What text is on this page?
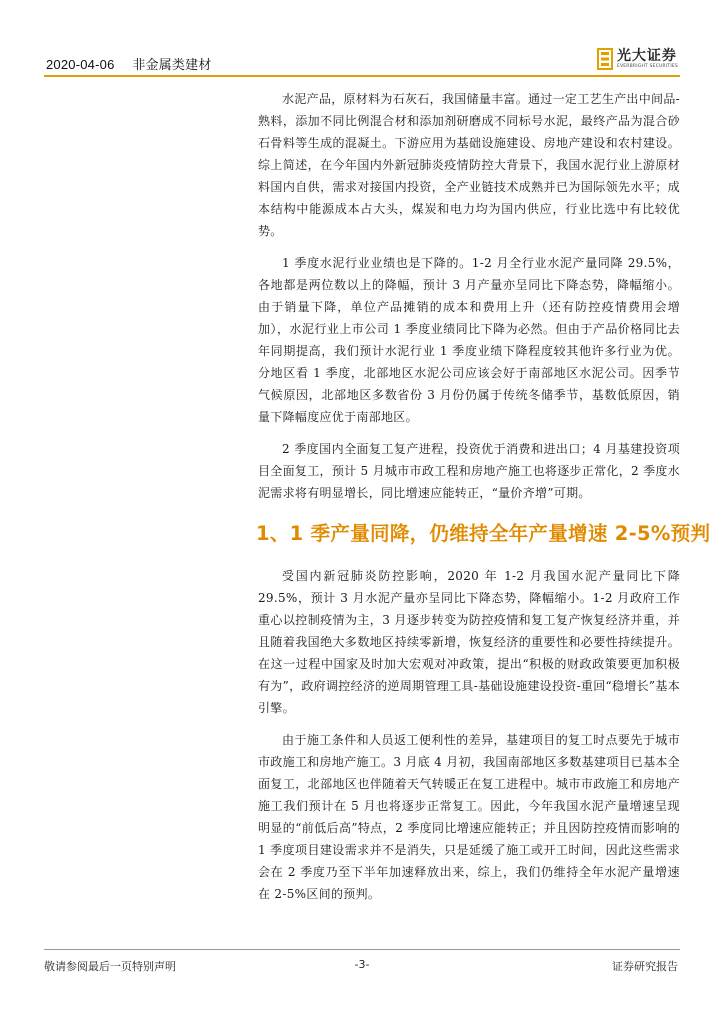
2020-04-06 非金属类建材
光大证券
EVERBRIGHT SECURITIES

水泥产品，原材料为石灰石，我国储量丰富。通过一定工艺生产出中间品-熟料，添加不同比例混合材和添加剂研磨成不同标号水泥，最终产品为混合砂石骨料等生成的混凝土。下游应用为基础设施建设、房地产建设和农村建设。综上简述，在今年国内外新冠肺炎疫情防控大背景下，我国水泥行业上游原材料国内自供，需求对接国内投资，全产业链技术成熟并已为国际领先水平；成本结构中能源成本占大头，煤炭和电力均为国内供应，行业比选中有比较优势。

1 季度水泥行业业绩也是下降的。1-2 月全行业水泥产量同降 29.5%，各地都是两位数以上的降幅，预计 3 月产量亦呈同比下降态势，降幅缩小。由于销量下降，单位产品摊销的成本和费用上升（还有防控疫情费用会增加），水泥行业上市公司 1 季度业绩同比下降为必然。但由于产品价格同比去年同期提高，我们预计水泥行业 1 季度业绩下降程度较其他许多行业为优。分地区看 1 季度，北部地区水泥公司应该会好于南部地区水泥公司。因季节气候原因，北部地区多数省份 3 月份仍属于传统冬储季节，基数低原因，销量下降幅度应优于南部地区。

2 季度国内全面复工复产进程，投资优于消费和进出口；4 月基建投资项目全面复工，预计 5 月城市市政工程和房地产施工也将逐步正常化，2 季度水泥需求将有明显增长，同比增速应能转正，“量价齐增”可期。

1、1 季产量同降，仍维持全年产量增速 2-5%预判

受国内新冠肺炎防控影响，2020 年 1-2 月我国水泥产量同比下降 29.5%，预计 3 月水泥产量亦呈同比下降态势，降幅缩小。1-2 月政府工作重心以控制疫情为主，3 月逐步转变为防控疫情和复工复产恢复经济并重，并且随着我国绝大多数地区持续零新增，恢复经济的重要性和必要性持续提升。在这一过程中国家及时加大宏观对冲政策，提出“积极的财政政策要更加积极有为”，政府调控经济的逆周期管理工具-基础设施建设投资-重回“稳增长”基本引擎。

由于施工条件和人员返工便利性的差异，基建项目的复工时点要先于城市市政施工和房地产施工。3 月底 4 月初，我国南部地区多数基建项目已基本全面复工，北部地区也伴随着天气转暖正在复工进程中。城市市政施工和房地产施工我们预计在 5 月也将逐步正常复工。因此，今年我国水泥产量增速呈现明显的“前低后高”特点，2 季度同比增速应能转正；并且因防控疫情而影响的 1 季度项目建设需求并不是消失，只是延缓了施工或开工时间，因此这些需求会在 2 季度乃至下半年加速释放出来，综上，我们仍维持全年水泥产量增速在 2-5%区间的预判。

敬请参阅最后一页特别声明	-3-	证券研究报告
